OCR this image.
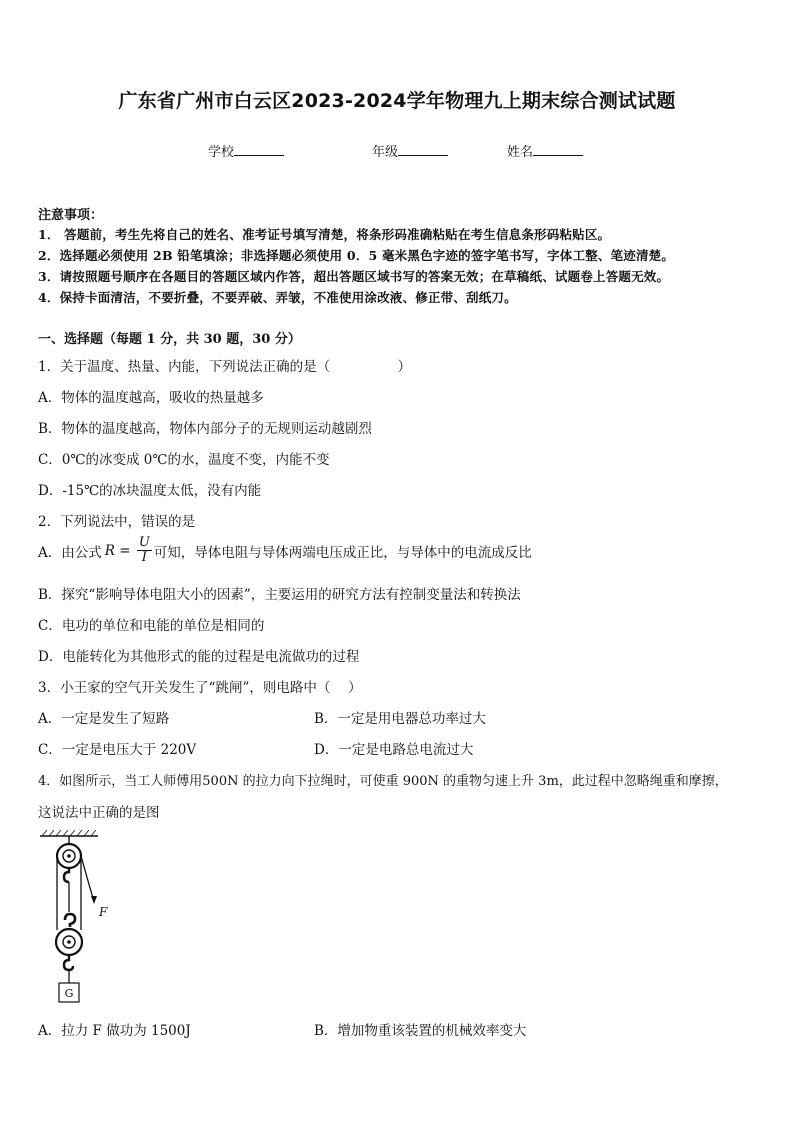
广东省广州市白云区2023-2024学年物理九上期末综合测试试题
学校	年级	姓名
注意事项：
1． 答题前，考生先将自己的姓名、准考证号填写清楚，将条形码准确粘贴在考生信息条形码粘贴区。
2．选择题必须使用 2B 铅笔填涂；非选择题必须使用 0．5 毫米黑色字迹的签字笔书写，字体工整、笔迹清楚。
3．请按照题号顺序在各题目的答题区域内作答，超出答题区域书写的答案无效；在草稿纸、试题卷上答题无效。
4．保持卡面清洁，不要折叠，不要弄破、弄皱，不准使用涂改液、修正带、刮纸刀。
一、选择题（每题 1 分，共 30 题，30 分）
1．关于温度、热量、内能，下列说法正确的是（　　　　　）
A．物体的温度越高，吸收的热量越多
B．物体的温度越高，物体内部分子的无规则运动越剧烈
C．0℃的冰变成 0℃的水，温度不变，内能不变
D．-15℃的冰块温度太低，没有内能
2．下列说法中，错误的是
A．由公式 $R = \frac{U}{I}$ 可知，导体电阻与导体两端电压成正比，与导体中的电流成反比
B．探究“影响导体电阻大小的因素”，主要运用的研究方法有控制变量法和转换法
C．电功的单位和电能的单位是相同的
D．电能转化为其他形式的能的过程是电流做功的过程
3．小王家的空气开关发生了“跳闸”，则电路中（　 ）
A．一定是发生了短路	B．一定是用电器总功率过大
C．一定是电压大于 220V	D．一定是电路总电流过大
4．如图所示，当工人师傅用500N 的拉力向下拉绳时，可使重 900N 的重物匀速上升 3m，此过程中忽略绳重和摩擦，
这说法中正确的是图
F
G
A．拉力 F 做功为 1500J	B．增加物重该装置的机械效率变大
